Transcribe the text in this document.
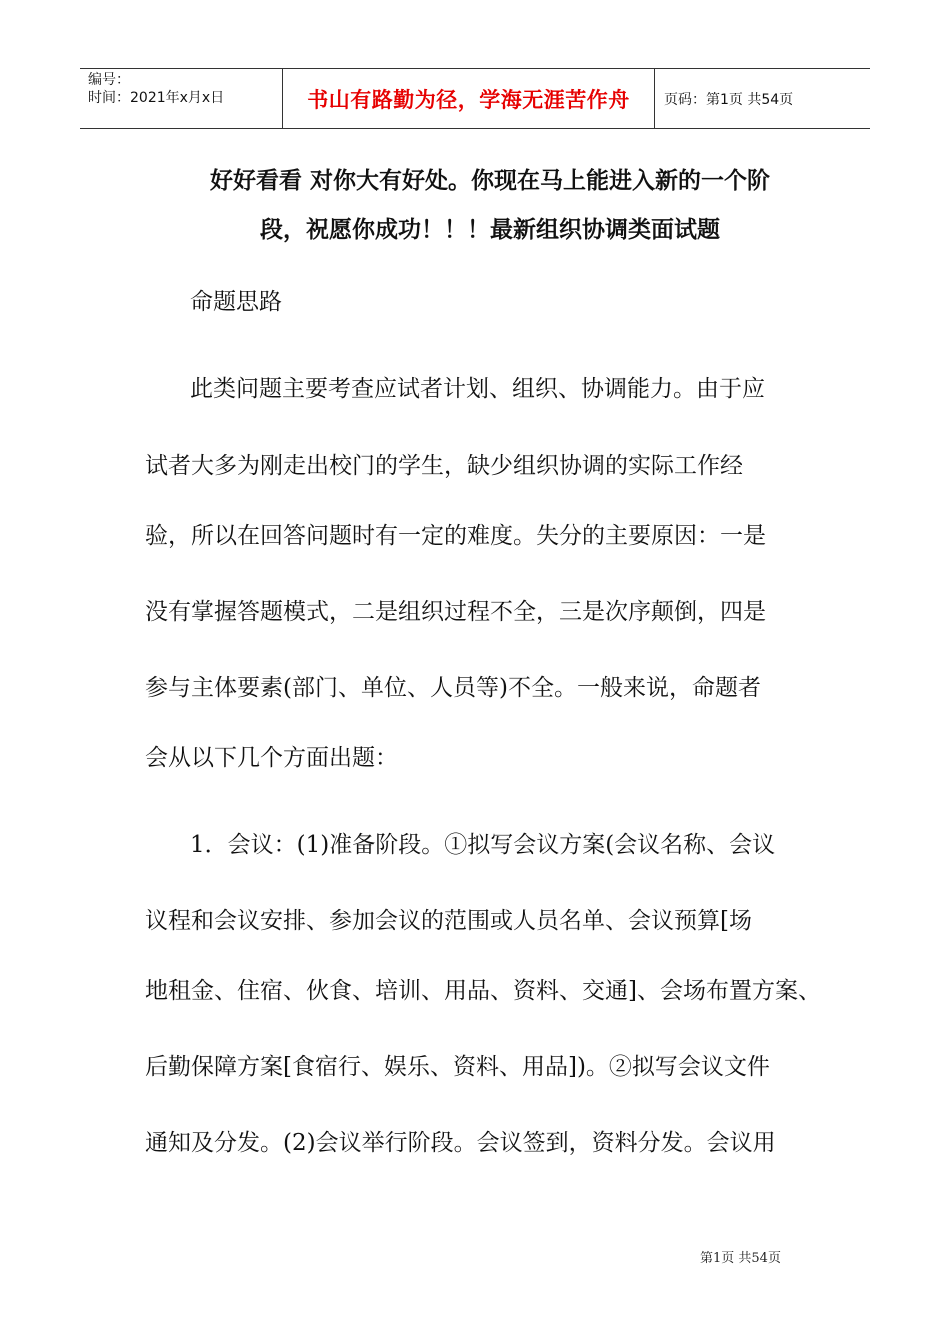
编号：
时间：2021年x月x日	书山有路勤为径，学海无涯苦作舟	页码：第1页 共54页
好好看看 对你大有好处。你现在马上能进入新的一个阶
段，祝愿你成功！！！最新组织协调类面试题
命题思路
此类问题主要考查应试者计划、组织、协调能力。由于应
试者大多为刚走出校门的学生，缺少组织协调的实际工作经
验，所以在回答问题时有一定的难度。失分的主要原因：一是
没有掌握答题模式，二是组织过程不全，三是次序颠倒，四是
参与主体要素(部门、单位、人员等)不全。一般来说，命题者
会从以下几个方面出题：
1．会议：(1)准备阶段。①拟写会议方案(会议名称、会议
议程和会议安排、参加会议的范围或人员名单、会议预算[场
地租金、住宿、伙食、培训、用品、资料、交通]、会场布置方案、
后勤保障方案[食宿行、娱乐、资料、用品])。②拟写会议文件
通知及分发。(2)会议举行阶段。会议签到，资料分发。会议用
第1页 共54页
